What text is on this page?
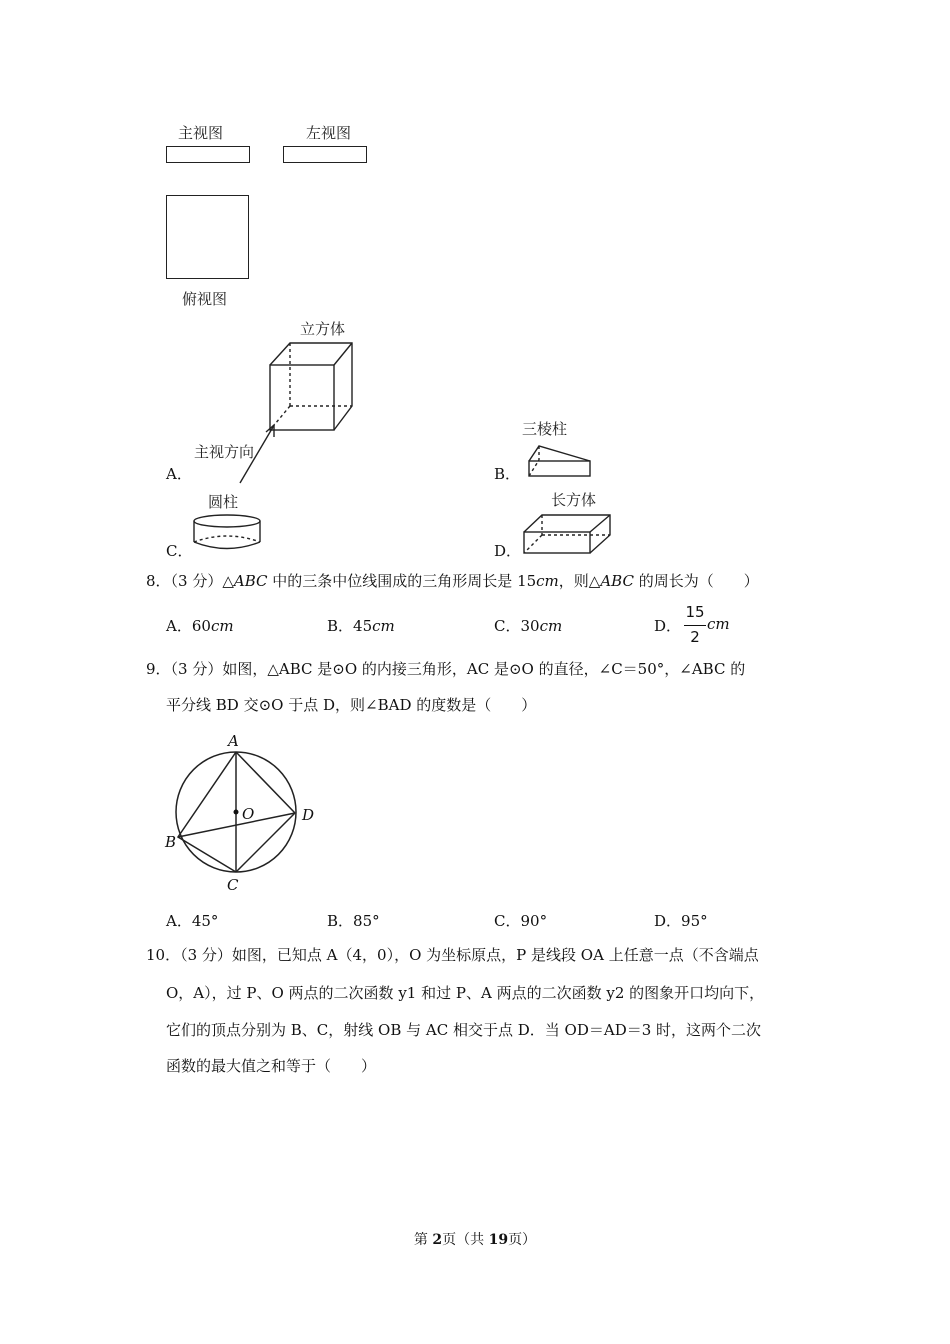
主视图	左视图
俯视图
立方体
主视方向
A．
三棱柱
B．
圆柱
C．
长方体
D．
8．（3 分）△ABC 中的三条中位线围成的三角形周长是 15cm，则△ABC 的周长为（　　）
A．60cm	B．45cm	C．30cm	D．
15
2
cm
9．（3 分）如图，△ABC 是⊙O 的内接三角形，AC 是⊙O 的直径，∠C＝50°，∠ABC 的
平分线 BD 交⊙O 于点 D，则∠BAD 的度数是（　　）
A
B
C
D
O
A．45°	B．85°	C．90°	D．95°
10．（3 分）如图，已知点 A（4，0），O 为坐标原点，P 是线段 OA 上任意一点（不含端点
O，A），过 P、O 两点的二次函数 y1 和过 P、A 两点的二次函数 y2 的图象开口均向下，
它们的顶点分别为 B、C，射线 OB 与 AC 相交于点 D．当 OD＝AD＝3 时，这两个二次
函数的最大值之和等于（　　）
第 2页（共 19页）
